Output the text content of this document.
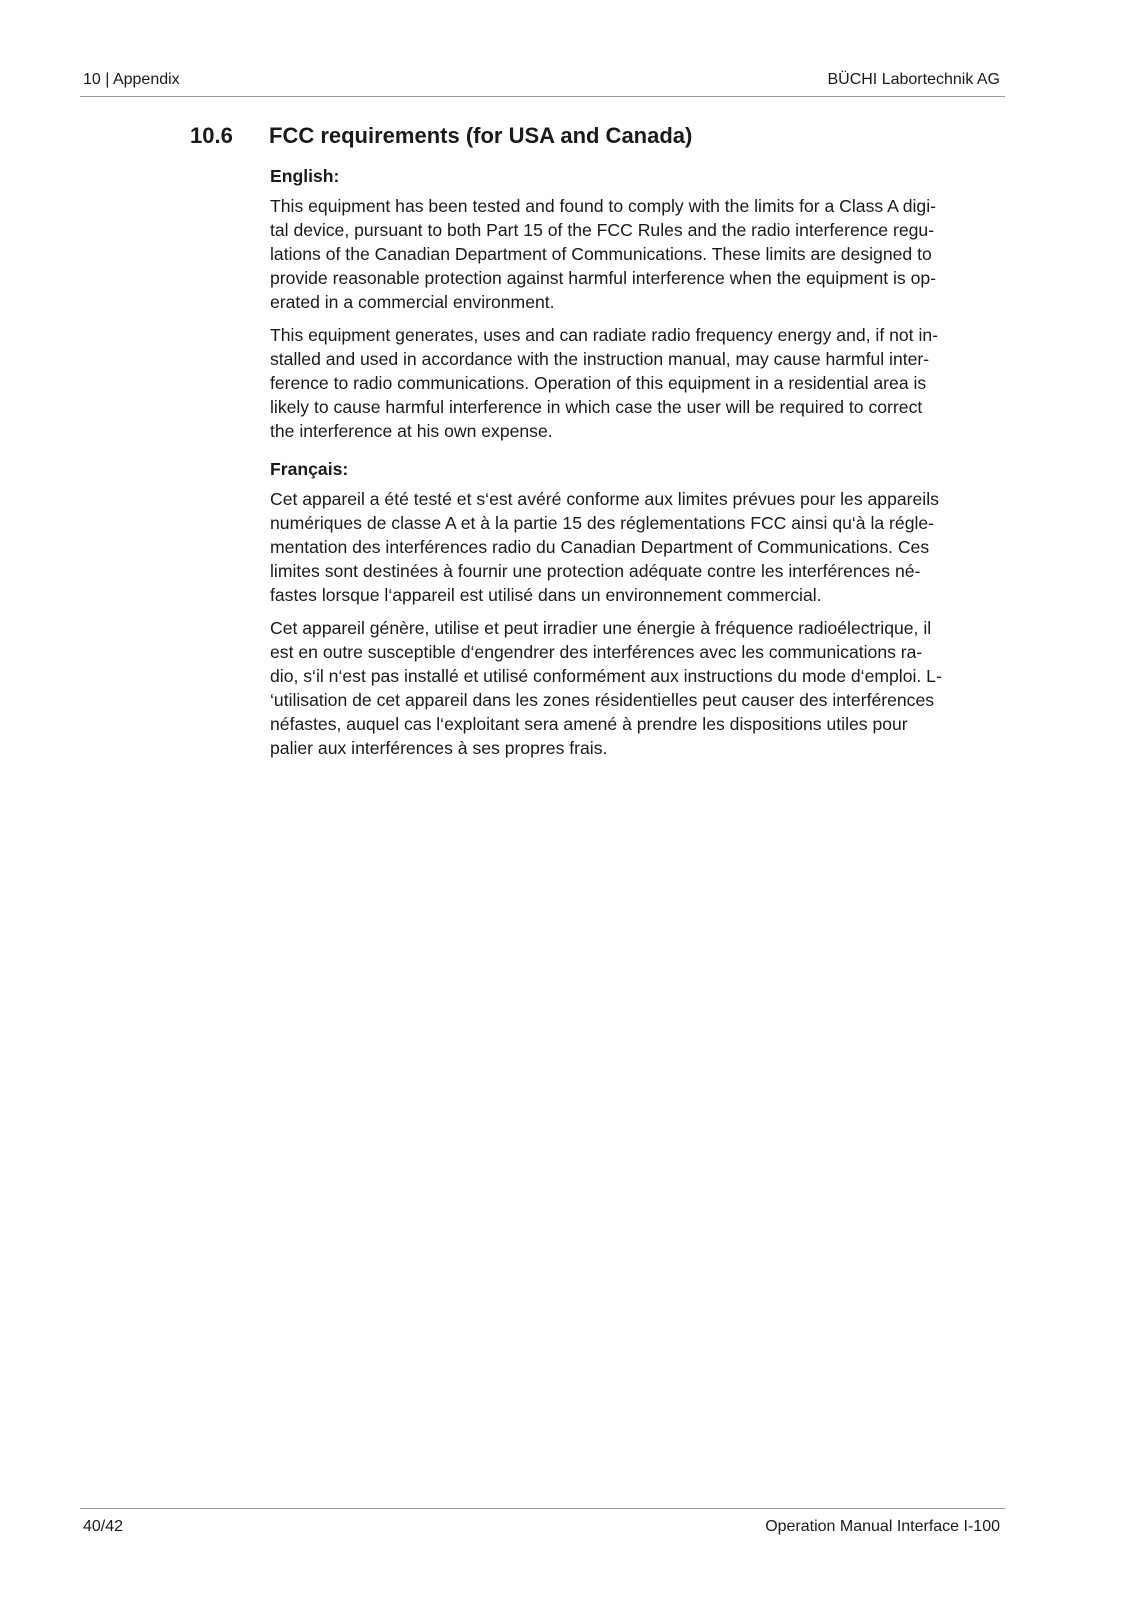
10 | Appendix	BÜCHI Labortechnik AG
10.6 FCC requirements (for USA and Canada)
English:

This equipment has been tested and found to comply with the limits for a Class A digi-
tal device, pursuant to both Part 15 of the FCC Rules and the radio interference regu-
lations of the Canadian Department of Communications. These limits are designed to
provide reasonable protection against harmful interference when the equipment is op-
erated in a commercial environment.

This equipment generates, uses and can radiate radio frequency energy and, if not in-
stalled and used in accordance with the instruction manual, may cause harmful inter-
ference to radio communications. Operation of this equipment in a residential area is
likely to cause harmful interference in which case the user will be required to correct
the interference at his own expense.

Français:

Cet appareil a été testé et s‘est avéré conforme aux limites prévues pour les appareils
numériques de classe A et à la partie 15 des réglementations FCC ainsi qu‘à la régle-
mentation des interférences radio du Canadian Department of Communications. Ces
limites sont destinées à fournir une protection adéquate contre les interférences né-
fastes lorsque l‘appareil est utilisé dans un environnement commercial.

Cet appareil génère, utilise et peut irradier une énergie à fréquence radioélectrique, il
est en outre susceptible d‘engendrer des interférences avec les communications ra-
dio, s‘il n‘est pas installé et utilisé conformément aux instructions du mode d‘emploi. L-
‘utilisation de cet appareil dans les zones résidentielles peut causer des interférences
néfastes, auquel cas l‘exploitant sera amené à prendre les dispositions utiles pour
palier aux interférences à ses propres frais.

40/42	Operation Manual Interface I-100
